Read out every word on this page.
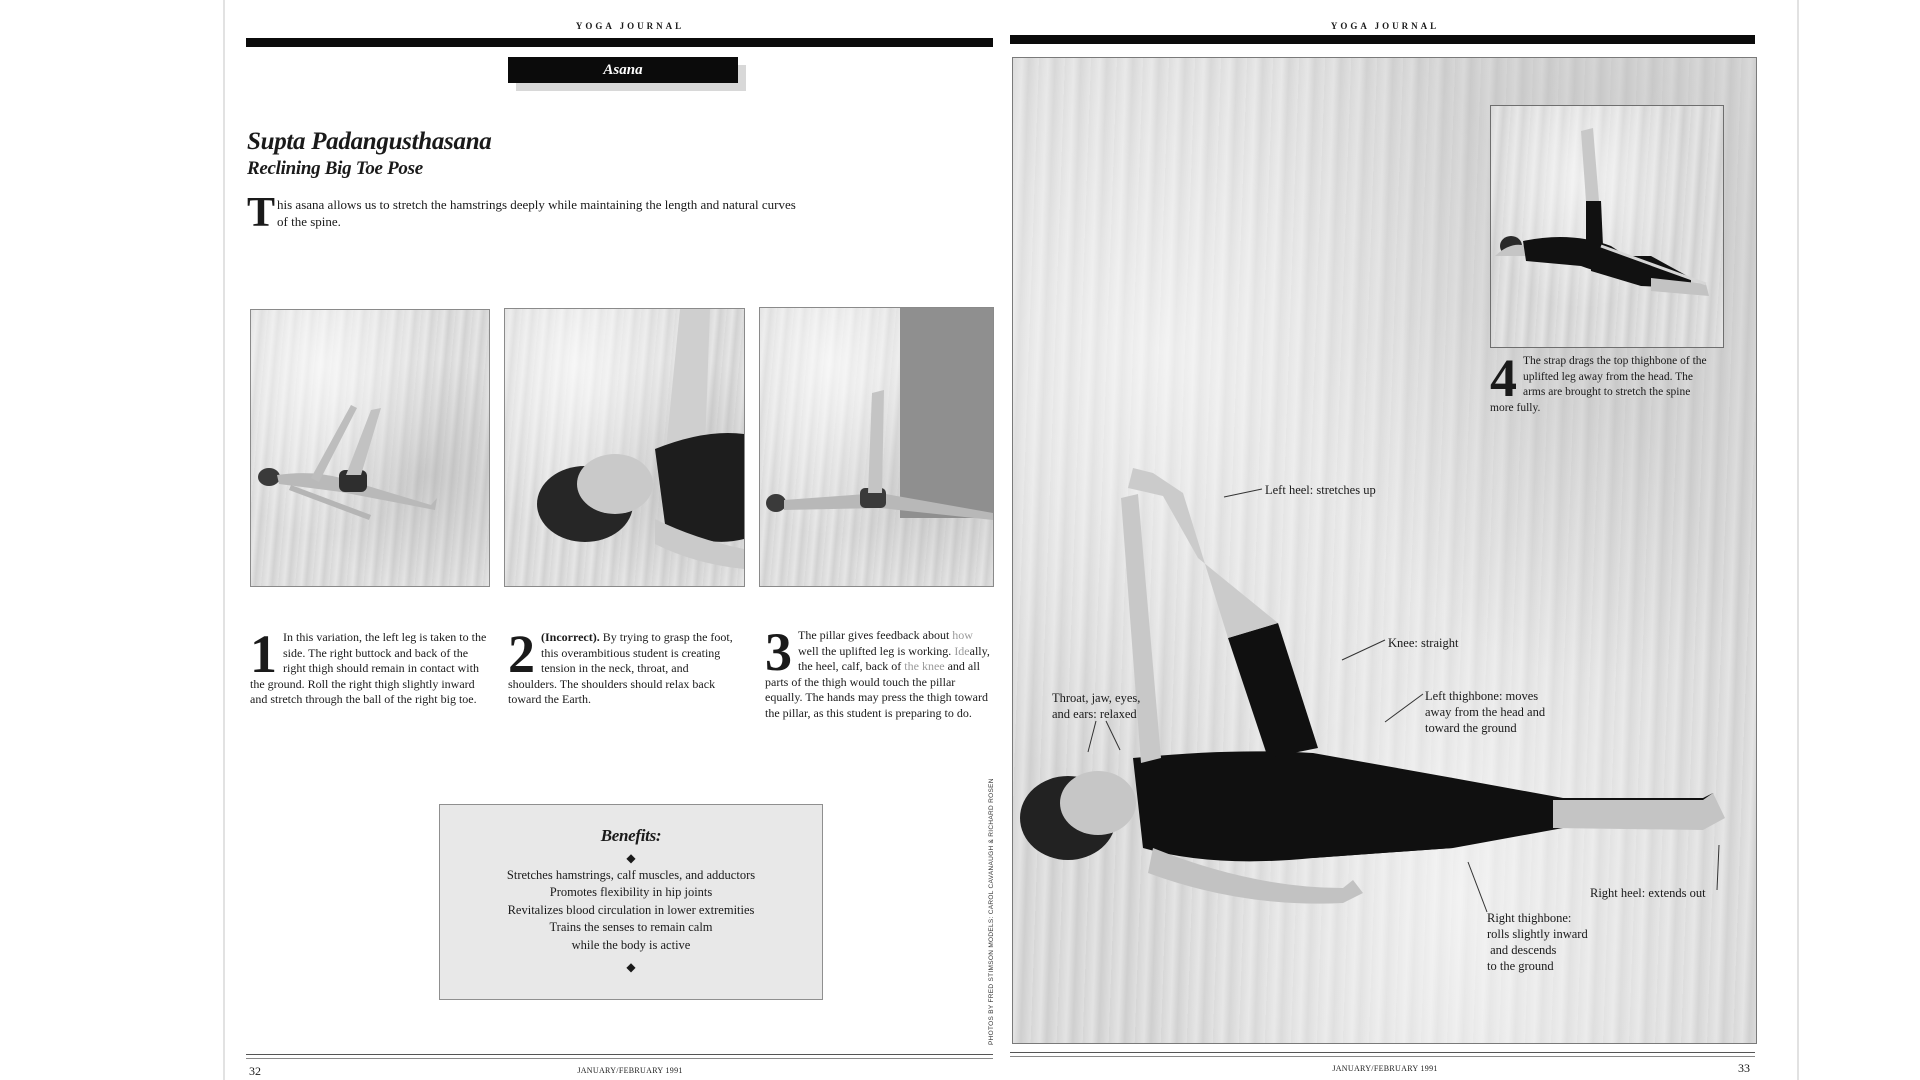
YOGA JOURNAL
Asana
Supta Padangusthasana
Reclining Big Toe Pose
T his asana allows us to stretch the hamstrings deeply while maintaining the length and natural curves of the spine.
1 In this variation, the left leg is taken to the side. The right buttock and back of the right thigh should remain in contact with the ground. Roll the right thigh slightly inward and stretch through the ball of the right big toe.
2 (Incorrect). By trying to grasp the foot, this overambitious student is creating tension in the neck, throat, and shoulders. The shoulders should relax back toward the Earth.
3 The pillar gives feedback about how well the uplifted leg is working. Ideally, the heel, calf, back of the knee and all parts of the thigh would touch the pillar equally. The hands may press the thigh toward the pillar, as this student is preparing to do.
Benefits:
◆
Stretches hamstrings, calf muscles, and adductors
Promotes flexibility in hip joints
Revitalizes blood circulation in lower extremities
Trains the senses to remain calm
while the body is active
◆
32	JANUARY/FEBRUARY 1991
YOGA JOURNAL
4 The strap drags the top thighbone of the uplifted leg away from the head. The arms are brought to stretch the spine more fully.
Left heel: stretches up
Knee: straight
Throat, jaw, eyes,
and ears: relaxed
Left thighbone: moves
away from the head and
toward the ground
Right heel: extends out
Right thighbone:
rolls slightly inward
and descends
to the ground
PHOTOS BY FRED STIMSON MODELS: CAROL CAVANAUGH & RICHARD ROSEN
33
JANUARY/FEBRUARY 1991
